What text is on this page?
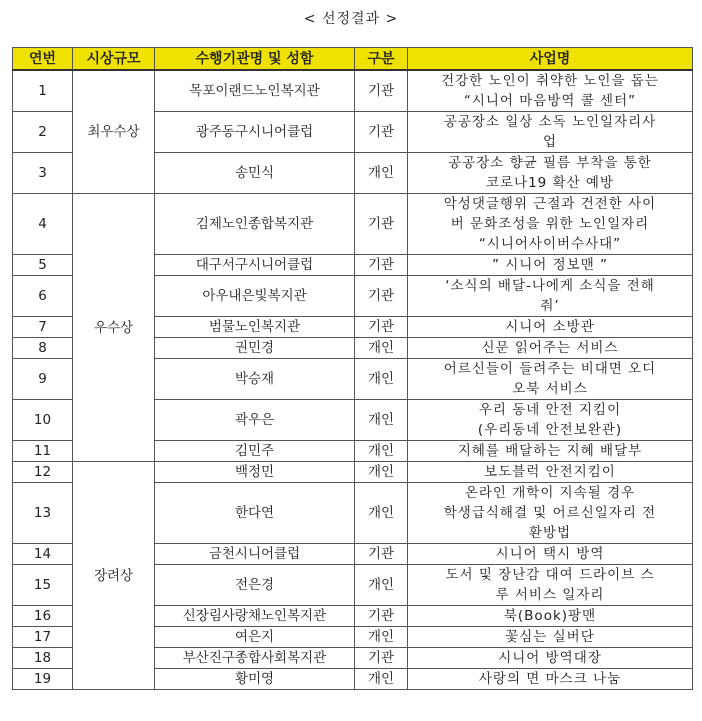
< 선정결과 >
연번	시상규모	수행기관명 및 성함	구분	사업명
1	최우수상	목포이랜드노인복지관	기관	건강한 노인이 취약한 노인을 돕는
“시니어 마음방역 콜 센터”

2		광주동구시니어클럽	기관	공공장소 일상 소독 노인일자리사
업

3		송민식	개인	공공장소 향균 필름 부착을 통한
코로나19 확산 예방

4	우수상	김제노인종합복지관	기관	악성댓글행위 근절과 건전한 사이
버 문화조성을 위한 노인일자리
“시니어사이버수사대”

5		대구서구시니어클럽	기관	” 시니어 정보맨 ”

6		아우내은빛복지관	기관	‘소식의 배달-나에게 소식을 전해
줘’

7		범물노인복지관	기관	시니어 소방관

8		권민경	개인	신문 읽어주는 서비스

9		박승재	개인	어르신들이 들려주는 비대면 오디
오북 서비스

10		곽우은	개인	우리 동네 안전 지킴이
(우리동네 안전보완관)

11		김민주	개인	지혜를 배달하는 지혜 배달부

12	장려상	백정민	개인	보도블럭 안전지킴이

13		한다연	개인	온라인 개학이 지속될 경우
학생급식해결 및 어르신일자리 전
환방법

14		금천시니어클럽	기관	시니어 택시 방역

15		전은경	개인	도서 및 장난감 대여 드라이브 스
루 서비스 일자리

16		신장림사랑채노인복지관	기관	북(Book)팡맨

17		여은지	개인	꽃심는 실버단

18		부산진구종합사회복지관	기관	시니어 방역대장

19		황미영	개인	사랑의 면 마스크 나눔
